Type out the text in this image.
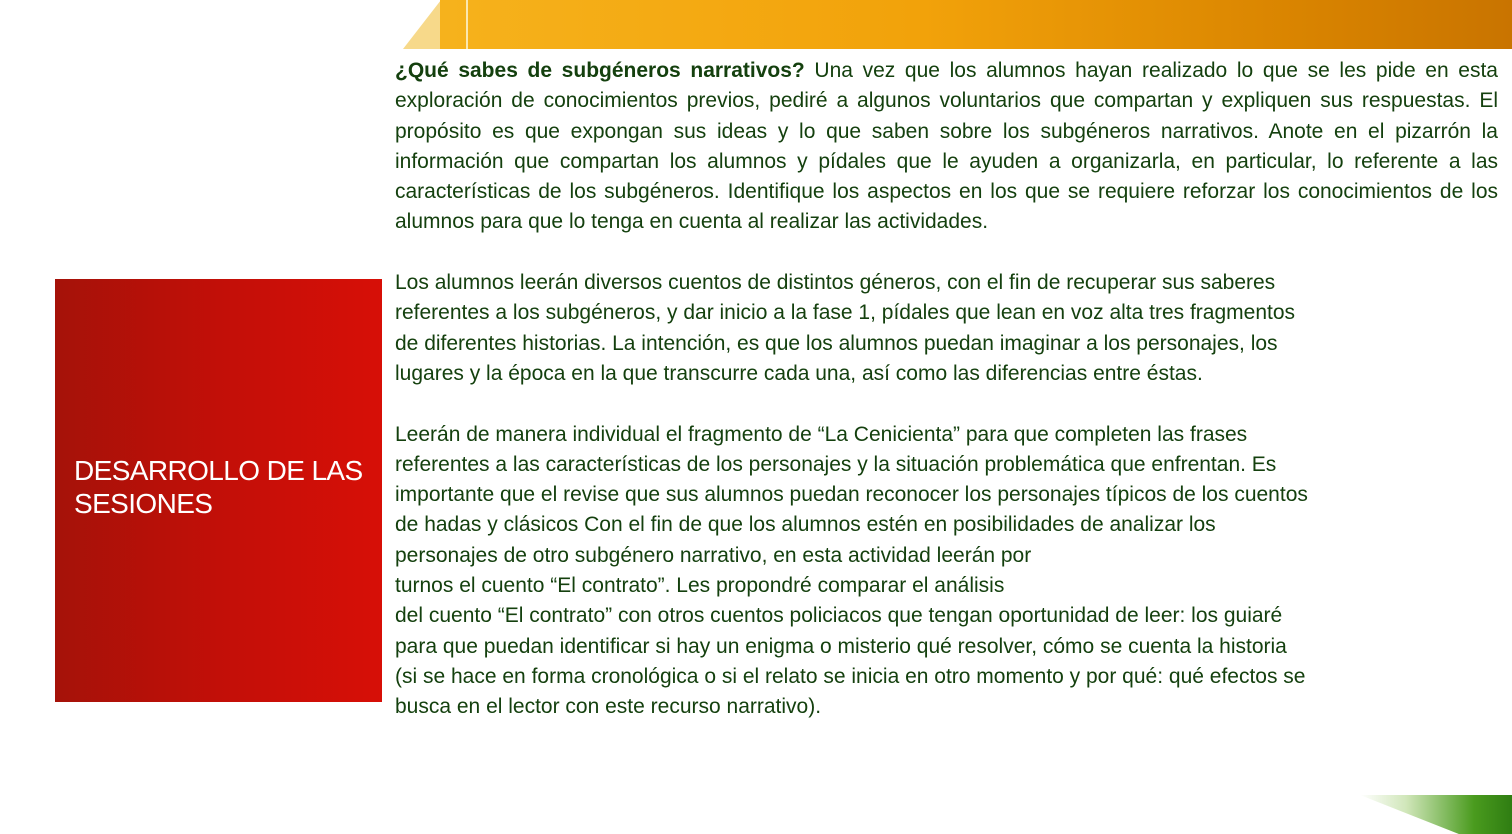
DESARROLLO DE LAS
SESIONES

¿Qué sabes de subgéneros narrativos? Una vez que los alumnos hayan realizado lo que se les pide en esta exploración de conocimientos previos, pediré a algunos voluntarios que compartan y expliquen sus respuestas. El propósito es que expongan sus ideas y lo que saben sobre los subgéneros narrativos. Anote en el pizarrón la información que compartan los alumnos y pídales que le ayuden a organizarla, en particular, lo referente a las características de los subgéneros. Identifique los aspectos en los que se requiere reforzar los conocimientos de los alumnos para que lo tenga en cuenta al realizar las actividades.

Los alumnos leerán diversos cuentos de distintos géneros, con el fin de recuperar sus saberes
referentes a los subgéneros, y dar inicio a la fase 1, pídales que lean en voz alta tres fragmentos
de diferentes historias. La intención, es que los alumnos puedan imaginar a los personajes, los
lugares y la época en la que transcurre cada una, así como las diferencias entre éstas.

Leerán de manera individual el fragmento de “La Cenicienta” para que completen las frases
referentes a las características de los personajes y la situación problemática que enfrentan. Es
importante que el revise que sus alumnos puedan reconocer los personajes típicos de los cuentos
de hadas y clásicos Con el fin de que los alumnos estén en posibilidades de analizar los
personajes de otro subgénero narrativo, en esta actividad leerán por
turnos el cuento “El contrato”. Les propondré comparar el análisis
del cuento “El contrato” con otros cuentos policiacos que tengan oportunidad de leer: los guiaré
para que puedan identificar si hay un enigma o misterio qué resolver, cómo se cuenta la historia
(si se hace en forma cronológica o si el relato se inicia en otro momento y por qué: qué efectos se
busca en el lector con este recurso narrativo).
